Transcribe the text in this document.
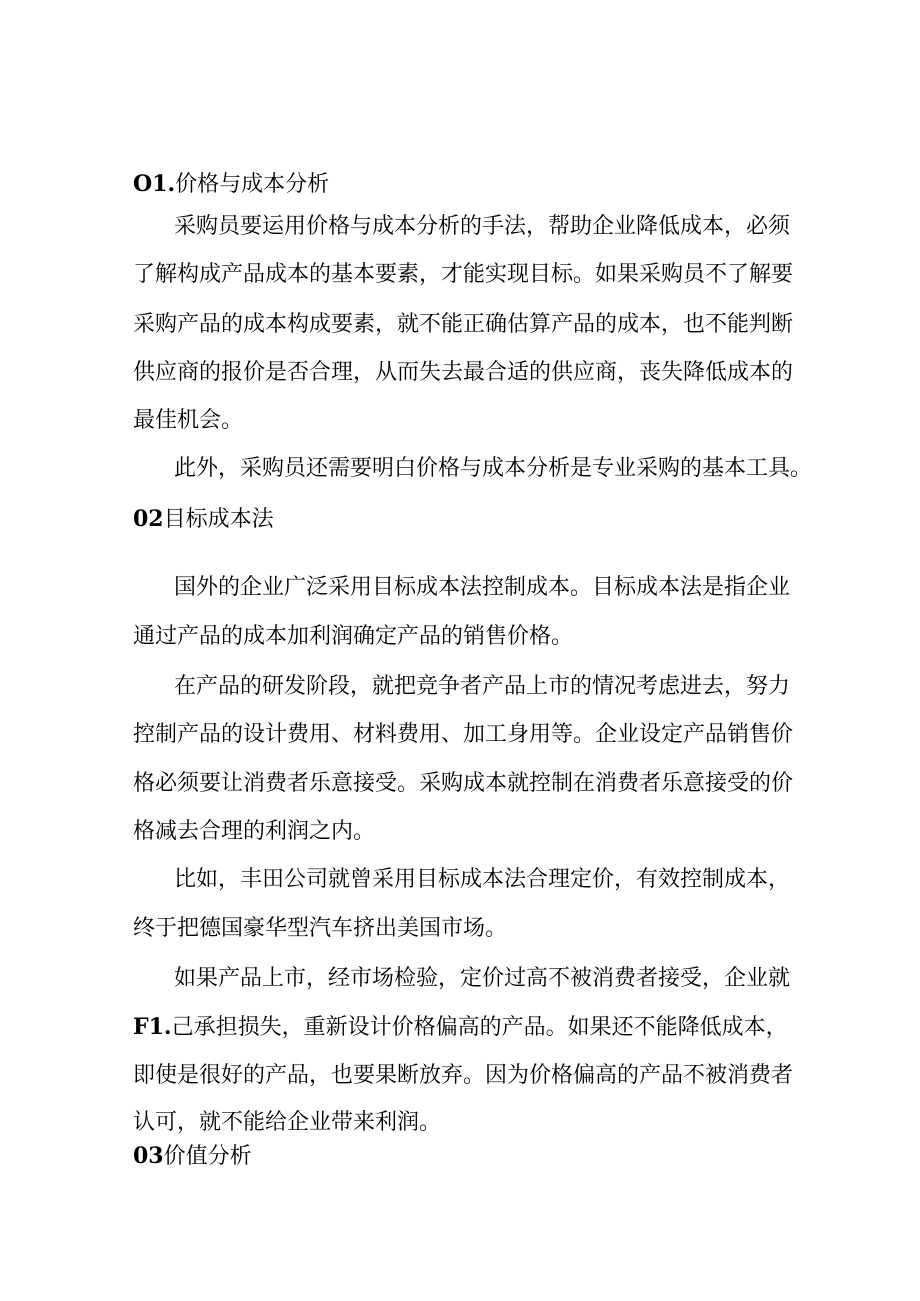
O1.价格与成本分析
采购员要运用价格与成本分析的手法，帮助企业降低成本，必须
了解构成产品成本的基本要素，才能实现目标。如果采购员不了解要
采购产品的成本构成要素，就不能正确估算产品的成本，也不能判断
供应商的报价是否合理，从而失去最合适的供应商，丧失降低成本的
最佳机会。
此外，采购员还需要明白价格与成本分析是专业采购的基本工具。
02目标成本法
国外的企业广泛采用目标成本法控制成本。目标成本法是指企业
通过产品的成本加利润确定产品的销售价格。
在产品的研发阶段，就把竞争者产品上市的情况考虑进去，努力
控制产品的设计费用、材料费用、加工身用等。企业设定产品销售价
格必须要让消费者乐意接受。采购成本就控制在消费者乐意接受的价
格减去合理的利润之内。
比如，丰田公司就曾采用目标成本法合理定价，有效控制成本，
终于把德国豪华型汽车挤出美国市场。
如果产品上市，经市场检验，定价过高不被消费者接受，企业就
F1.己承担损失，重新设计价格偏高的产品。如果还不能降低成本，
即使是很好的产品，也要果断放弃。因为价格偏高的产品不被消费者
认可，就不能给企业带来利润。
03价值分析
